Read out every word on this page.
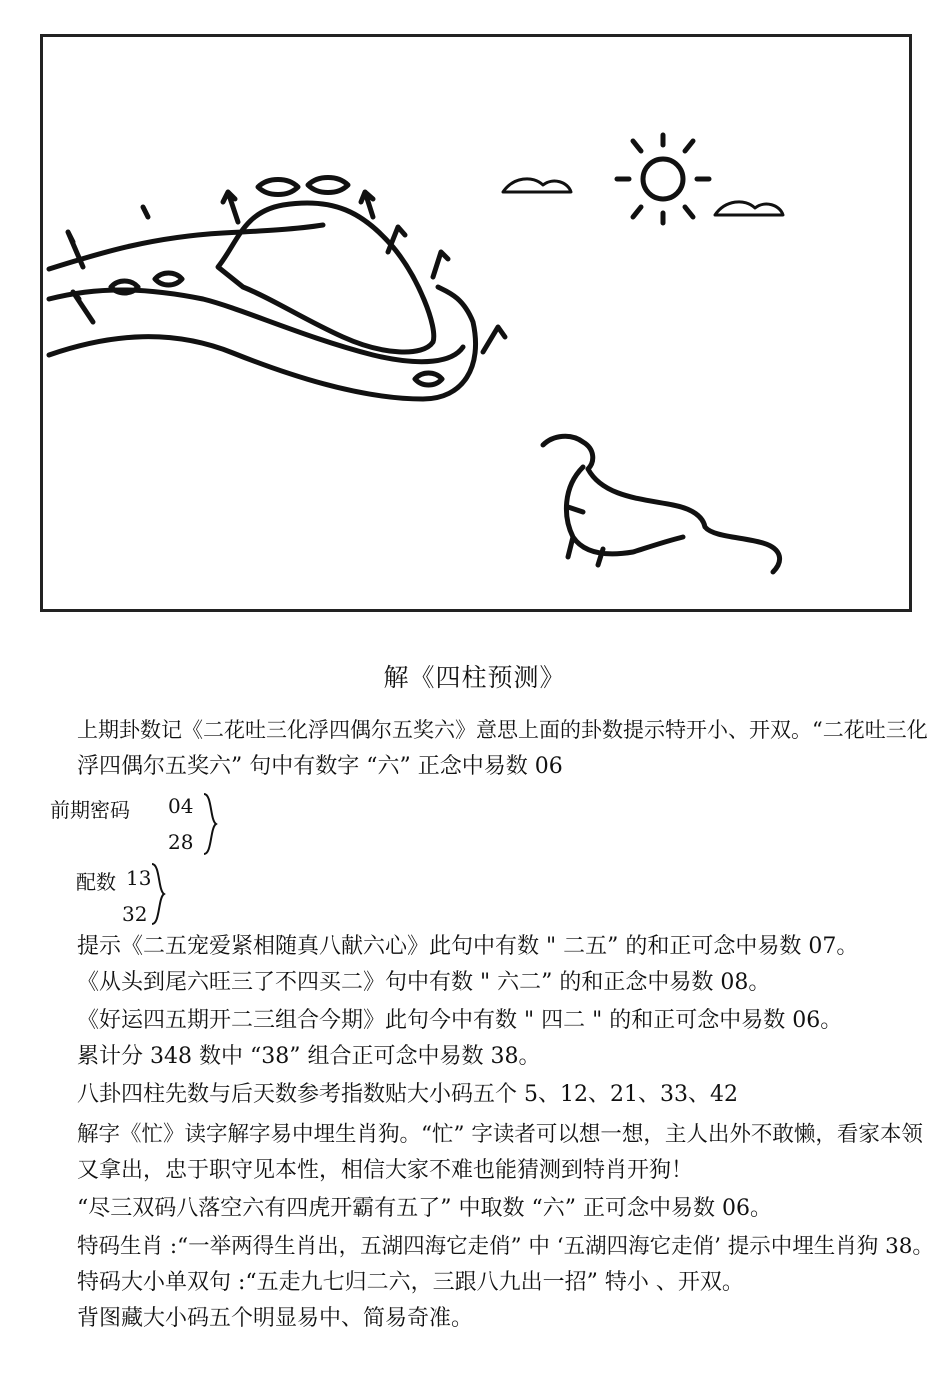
解《四柱预测》
上期卦数记《二花吐三化浮四偶尔五奖六》意思上面的卦数提示特开小、开双。“二花吐三化
浮四偶尔五奖六” 句中有数字 “六” 正念中易数 06
前期密码 04
28
配数 13
32
提示《二五宠爱紧相随真八献六心》此句中有数 " 二五” 的和正可念中易数 07。
《从头到尾六旺三了不四买二》句中有数 " 六二” 的和正念中易数 08。
《好运四五期开二三组合今期》此句今中有数 " 四二 " 的和正可念中易数 06。
累计分 348 数中 “38” 组合正可念中易数 38。
八卦四柱先数与后天数参考指数贴大小码五个 5、12、21、33、42
解字《忙》读字解字易中埋生肖狗。“忙” 字读者可以想一想，主人出外不敢懒，看家本领
又拿出，忠于职守见本性，相信大家不难也能猜测到特肖开狗！
“尽三双码八落空六有四虎开霸有五了” 中取数 “六” 正可念中易数 06。
特码生肖 :“一举两得生肖出，五湖四海它走俏” 中 ‘五湖四海它走俏’ 提示中埋生肖狗 38。
特码大小单双句 :“五走九七归二六，三跟八九出一招” 特小 、开双。
背图藏大小码五个明显易中、简易奇准。
